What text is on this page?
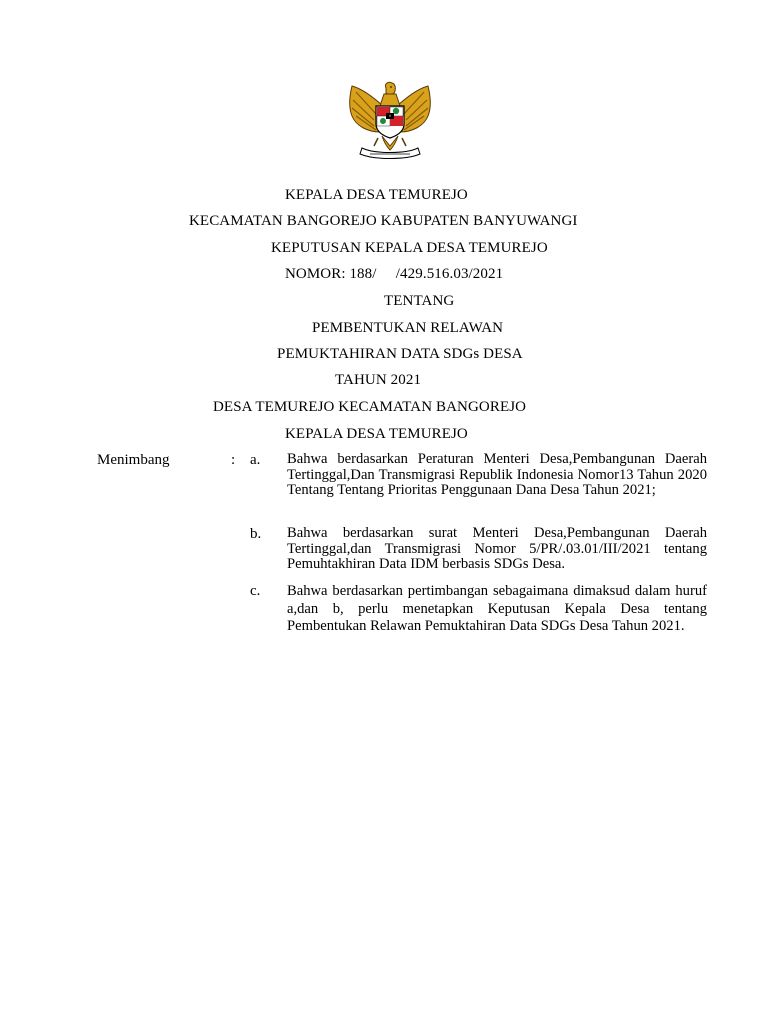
KEPALA DESA TEMUREJO
KECAMATAN BANGOREJO KABUPATEN BANYUWANGI
KEPUTUSAN KEPALA DESA TEMUREJO
NOMOR: 188/     /429.516.03/2021
TENTANG
PEMBENTUKAN RELAWAN
PEMUKTAHIRAN DATA SDGs DESA
TAHUN 2021
DESA TEMUREJO KECAMATAN BANGOREJO
KEPALA DESA TEMUREJO
Menimbang	: a. Bahwa berdasarkan Peraturan Menteri Desa,Pembangunan Daerah Tertinggal,Dan Transmigrasi Republik Indonesia Nomor13 Tahun 2020 Tentang Tentang Prioritas Penggunaan Dana Desa Tahun 2021;
b. Bahwa berdasarkan surat Menteri Desa,Pembangunan Daerah Tertinggal,dan Transmigrasi Nomor 5/PR/.03.01/III/2021 tentang Pemuhtakhiran Data IDM berbasis SDGs Desa.
c. Bahwa berdasarkan pertimbangan sebagaimana dimaksud dalam huruf a,dan b, perlu menetapkan Keputusan Kepala Desa tentang Pembentukan Relawan Pemuktahiran Data SDGs Desa Tahun 2021.
